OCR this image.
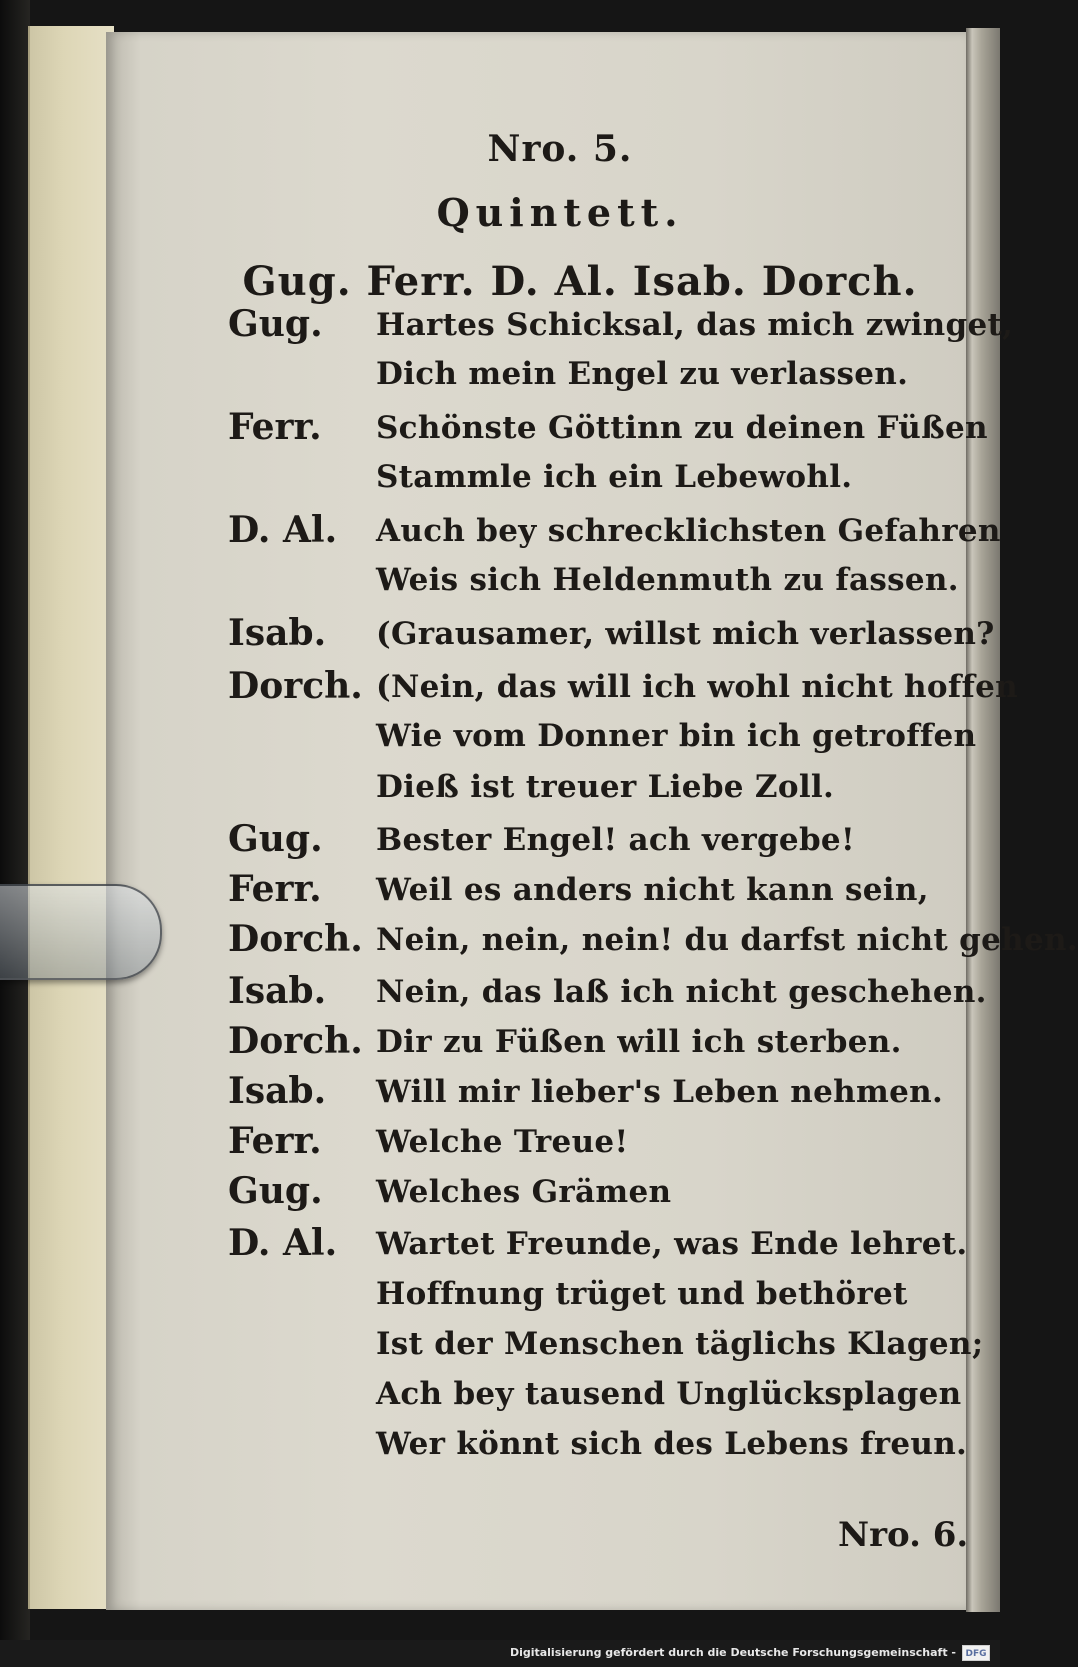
Nro. 5.
Quintett.
Gug. Ferr. D. Al. Isab. Dorch.
Gug. Hartes Schicksal, das mich zwinget,
Dich mein Engel zu verlassen.
Ferr. Schönste Göttinn zu deinen Füßen
Stammle ich ein Lebewohl.
D. Al. Auch bey schrecklichsten Gefahren
Weis sich Heldenmuth zu fassen.
Isab. (Grausamer, willst mich verlassen?
Dorch. (Nein, das will ich wohl nicht hoffen
Wie vom Donner bin ich getroffen
Dieß ist treuer Liebe Zoll.
Gug. Bester Engel! ach vergebe!
Ferr. Weil es anders nicht kann sein,
Dorch. Nein, nein, nein! du darfst nicht gehen.
Isab. Nein, das laß ich nicht geschehen.
Dorch. Dir zu Füßen will ich sterben.
Isab. Will mir lieber's Leben nehmen.
Ferr. Welche Treue!
Gug. Welches Grämen
D. Al. Wartet Freunde, was Ende lehret.
Hoffnung trüget und bethöret
Ist der Menschen täglichs Klagen;
Ach bey tausend Unglücksplagen
Wer könnt sich des Lebens freun.
Nro. 6.
Digitalisierung gefördert durch die Deutsche Forschungsgemeinschaft -	DFG
